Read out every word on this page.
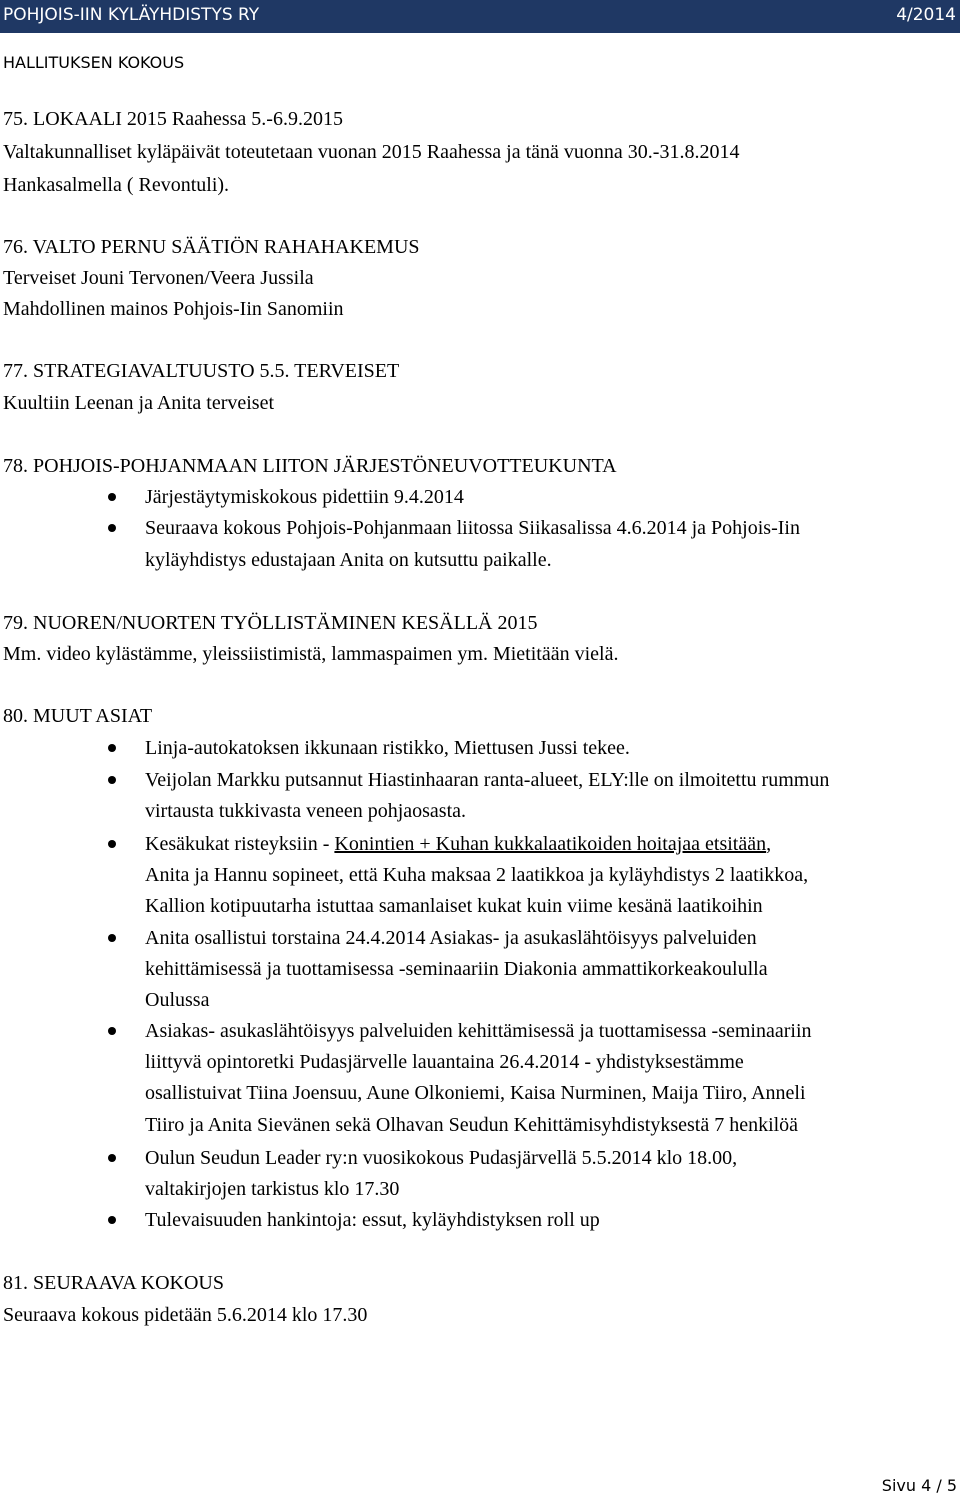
POHJOIS-IIN KYLÄYHDISTYS RY	4/2014
HALLITUKSEN KOKOUS
75. LOKAALI 2015 Raahessa 5.-6.9.2015
Valtakunnalliset kyläpäivät toteutetaan vuonan 2015 Raahessa ja tänä vuonna 30.-31.8.2014
Hankasalmella ( Revontuli).
76. VALTO PERNU SÄÄTIÖN RAHAHAKEMUS
Terveiset Jouni Tervonen/Veera Jussila
Mahdollinen mainos Pohjois-Iin Sanomiin
77. STRATEGIAVALTUUSTO 5.5. TERVEISET
Kuultiin Leenan ja Anita terveiset
78. POHJOIS-POHJANMAAN LIITON JÄRJESTÖNEUVOTTEUKUNTA
Järjestäytymiskokous pidettiin 9.4.2014
Seuraava kokous Pohjois-Pohjanmaan liitossa Siikasalissa 4.6.2014 ja Pohjois-Iin
kyläyhdistys edustajaan Anita on kutsuttu paikalle.
79. NUOREN/NUORTEN TYÖLLISTÄMINEN KESÄLLÄ 2015
Mm. video kylästämme, yleissiistimistä, lammaspaimen ym. Mietitään vielä.
80. MUUT ASIAT
Linja-autokatoksen ikkunaan ristikko, Miettusen Jussi tekee.
Veijolan Markku putsannut Hiastinhaaran ranta-alueet, ELY:lle on ilmoitettu rummun
virtausta tukkivasta veneen pohjaosasta.
Kesäkukat risteyksiin - Konintien + Kuhan kukkalaatikoiden hoitajaa etsitään,
Anita ja Hannu sopineet, että Kuha maksaa 2 laatikkoa ja kyläyhdistys 2 laatikkoa,
Kallion kotipuutarha istuttaa samanlaiset kukat kuin viime kesänä laatikoihin
Anita osallistui torstaina 24.4.2014 Asiakas- ja asukaslähtöisyys palveluiden
kehittämisessä ja tuottamisessa -seminaariin Diakonia ammattikorkeakoululla
Oulussa
Asiakas- asukaslähtöisyys palveluiden kehittämisessä ja tuottamisessa -seminaariin
liittyvä opintoretki Pudasjärvelle lauantaina 26.4.2014 - yhdistyksestämme
osallistuivat Tiina Joensuu, Aune Olkoniemi, Kaisa Nurminen, Maija Tiiro, Anneli
Tiiro ja Anita Sievänen sekä Olhavan Seudun Kehittämisyhdistyksestä 7 henkilöä
Oulun Seudun Leader ry:n vuosikokous Pudasjärvellä 5.5.2014 klo 18.00,
valtakirjojen tarkistus klo 17.30
Tulevaisuuden hankintoja: essut, kyläyhdistyksen roll up
81. SEURAAVA KOKOUS
Seuraava kokous pidetään 5.6.2014 klo 17.30
Sivu 4 / 5
